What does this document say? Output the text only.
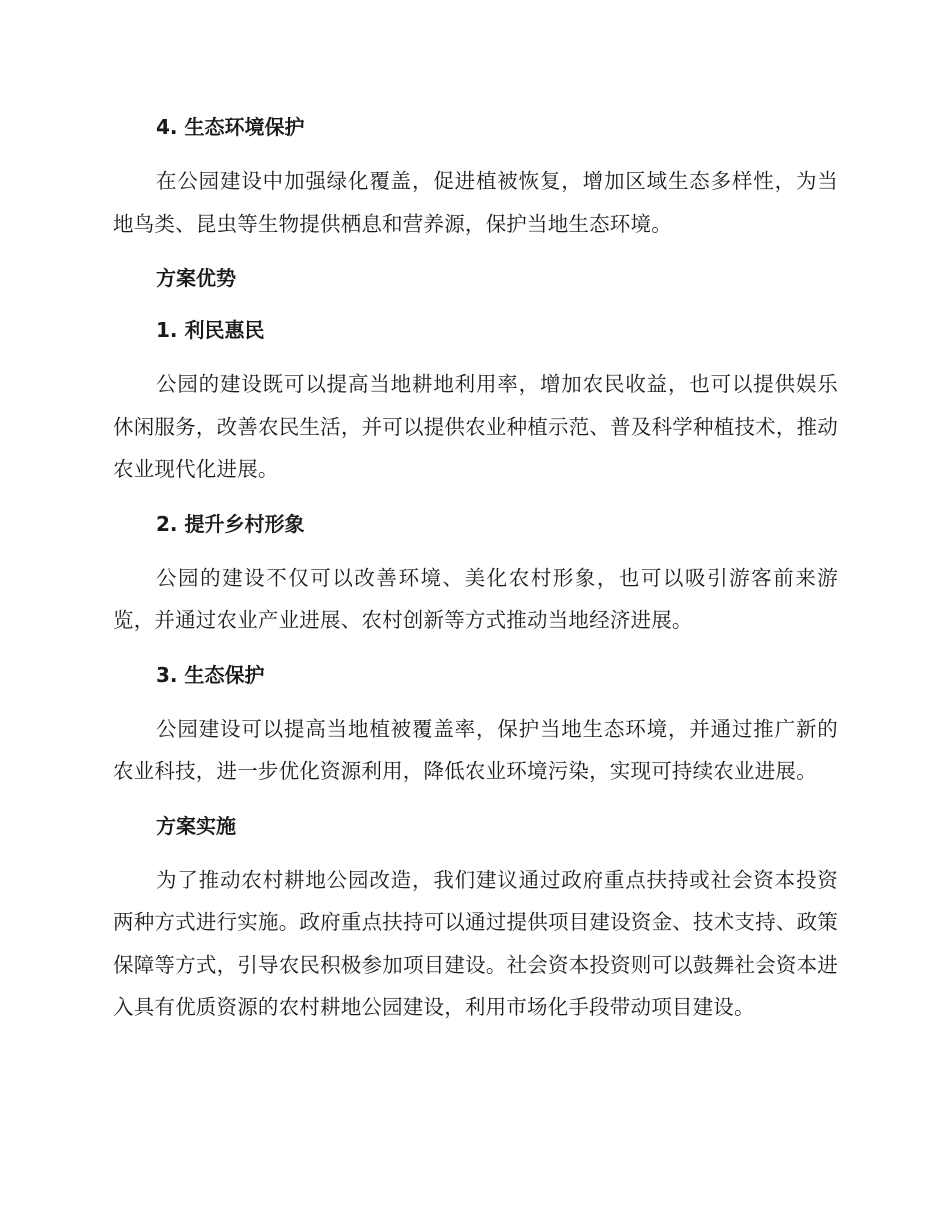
4. 生态环境保护

在公园建设中加强绿化覆盖，促进植被恢复，增加区域生态多样性，为当地鸟类、昆虫等生物提供栖息和营养源，保护当地生态环境。

方案优势
1. 利民惠民

公园的建设既可以提高当地耕地利用率，增加农民收益，也可以提供娱乐休闲服务，改善农民生活，并可以提供农业种植示范、普及科学种植技术，推动农业现代化进展。

2. 提升乡村形象

公园的建设不仅可以改善环境、美化农村形象，也可以吸引游客前来游览，并通过农业产业进展、农村创新等方式推动当地经济进展。

3. 生态保护

公园建设可以提高当地植被覆盖率，保护当地生态环境，并通过推广新的农业科技，进一步优化资源利用，降低农业环境污染，实现可持续农业进展。

方案实施

为了推动农村耕地公园改造，我们建议通过政府重点扶持或社会资本投资两种方式进行实施。政府重点扶持可以通过提供项目建设资金、技术支持、政策保障等方式，引导农民积极参加项目建设。社会资本投资则可以鼓舞社会资本进入具有优质资源的农村耕地公园建设，利用市场化手段带动项目建设。
